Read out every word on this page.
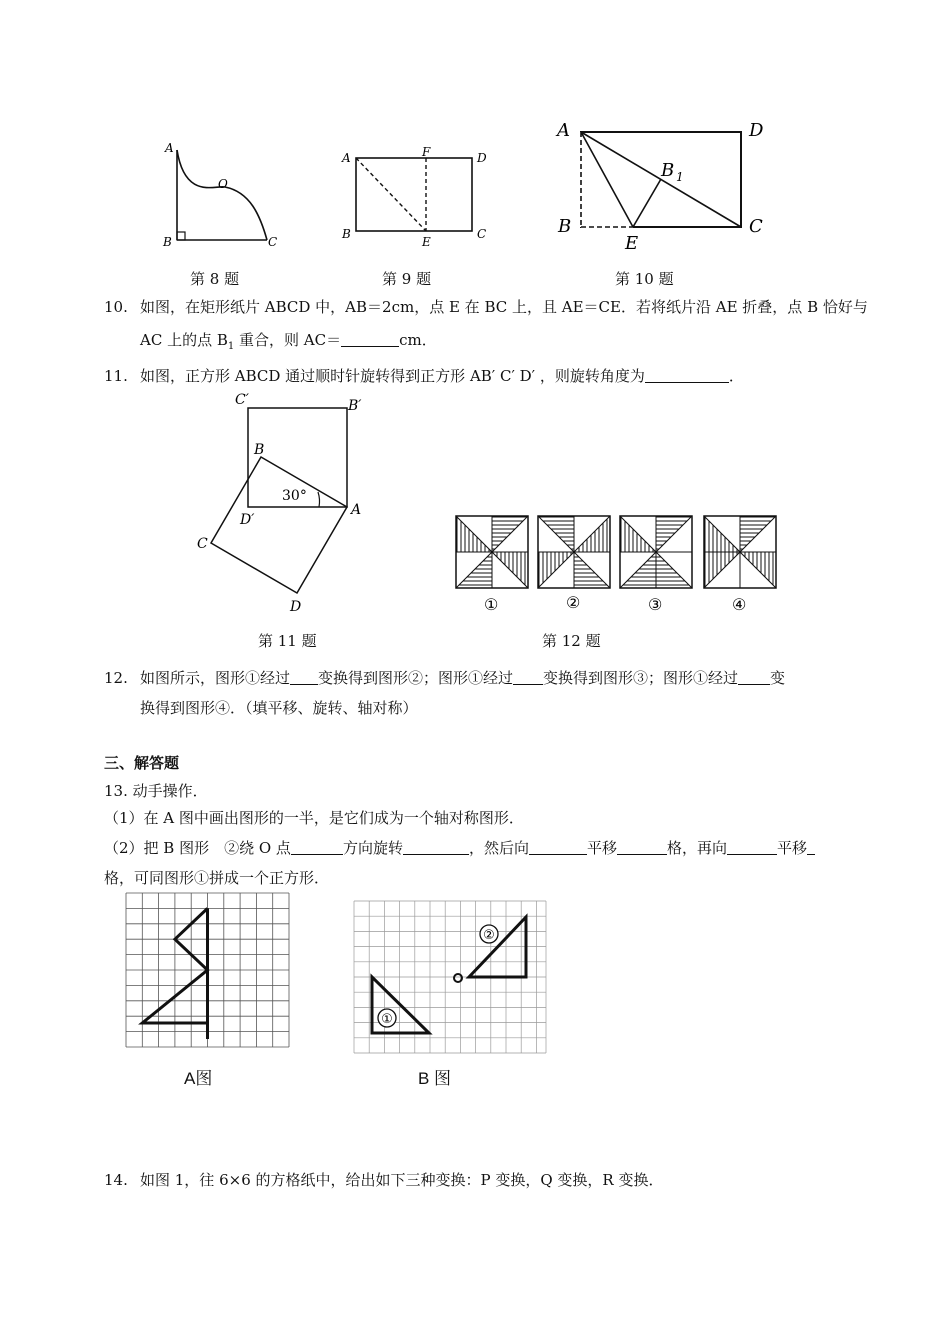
A
O
B	C
第 8 题
A	F	D
B
E
C
第 9 题
A	D
B 1
B
E
C
第 10 题
10. 如图，在矩形纸片 ABCD 中，AB＝2cm，点 E 在 BC 上，且 AE＝CE．若将纸片沿 AE 折叠，点 B 恰好与
AC 上的点 $B_1$ 重合，则 AC＝	cm．
11. 如图，正方形 ABCD 通过顺时针旋转得到正方形 AB′ C′ D′ ，则旋转角度为	．
C′	B′
B
30°
D′
A
C
D
第 11 题
①	②	③	④
第 12 题
12. 如图所示，图形①经过 变换得到图形②；图形①经过 变换得到图形③；图形①经过 变
换得到图形④．（填平移、旋转、轴对称）
三、解答题
13. 动手操作．
（1）在 A 图中画出图形的一半，是它们成为一个轴对称图形．
（2）把 B 图形　②绕 O 点	方向旋转	，然后向	平移	格，再向	平移
格，可同图形①拼成一个正方形．
A图
①
②
B 图
14. 如图 1，往 6×6 的方格纸中，给出如下三种变换：P 变换，Q 变换，R 变换．
